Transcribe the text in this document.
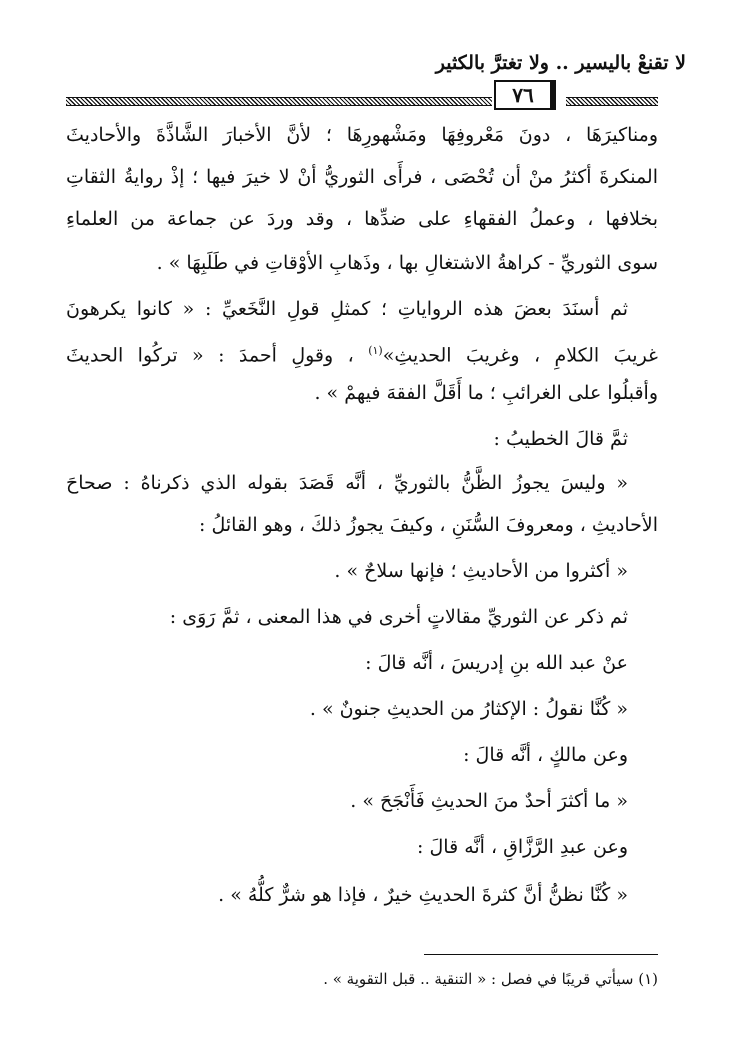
لا تقنعْ باليسير .. ولا تغترَّ بالكثير
٧٦
ومناكيرَهَا ، دونَ مَعْروفِهَا ومَشْهورِهَا ؛ لأنَّ الأخبارَ الشَّاذَّةَ والأحاديثَ
المنكرةَ أكثرُ منْ أن تُحْصَى ، فرأَى الثوريُّ أنْ لا خيرَ فيها ؛ إذْ روايةُ الثقاتِ
بخلافها ، وعملُ الفقهاءِ على ضدِّها ، وقد وردَ عن جماعة من العلماءِ
سوى الثوريِّ - كراهةُ الاشتغالِ بها ، وذَهابِ الأوْقاتِ في طَلَبِهَا » .
ثم أسنَدَ بعضَ هذه الرواياتِ ؛ كمثلِ قولِ النَّخَعيِّ : « كانوا يكرهونَ
غريبَ الكلامِ ، وغريبَ الحديثِ»$^{(١)}$ ، وقولِ أحمدَ : « تركُوا الحديثَ
وأقبلُوا على الغرائبِ ؛ ما أَقَلَّ الفقهَ فيهمْ » .
ثمَّ قالَ الخطيبُ :
« وليسَ يجوزُ الظَّنُّ بالثوريِّ ، أنَّه قَصَدَ بقوله الذي ذكرناهُ : صحاحَ
الأحاديثِ ، ومعروفَ السُّنَنِ ، وكيفَ يجوزُ ذلكَ ، وهو القائلُ :
« أكثروا من الأحاديثِ ؛ فإنها سلاحٌ » .
ثم ذكر عن الثوريِّ مقالاتٍ أخرى في هذا المعنى ، ثمَّ رَوَى :
عنْ عبد الله بنِ إدريسَ ، أنَّه قالَ :
« كُنَّا نقولُ : الإكثارُ من الحديثِ جنونٌ » .
وعن مالكٍ ، أنَّه قالَ :
« ما أكثرَ أحدٌ منَ الحديثِ فَأَنْجَحَ » .
وعن عبدِ الرَّزَّاقِ ، أنَّه قالَ :
« كُنَّا نظنُّ أنَّ كثرةَ الحديثِ خيرٌ ، فإذا هو شرٌّ كلُّهُ » .
(١) سيأتي قريبًا في فصل : « التنقية .. قبل التقوية » .
